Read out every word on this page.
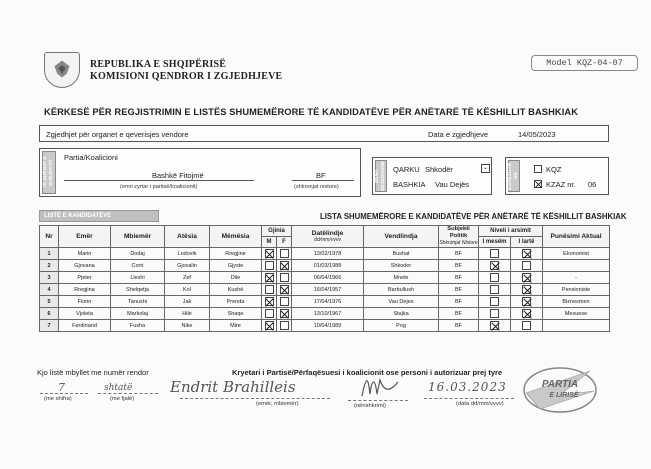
REPUBLIKA E SHQIPËRISË
KOMISIONI QENDROR I ZGJEDHJEVE
Model KQZ-04-07
KËRKESË PËR REGJISTRIMIN E LISTËS SHUMEMËRORE TË KANDIDATËVE PËR ANËTARË TË KËSHILLIT BASHKIAK
Zgjedhjet për organet e qeverisjes vendore	Data e zgjedhjeve	14/05/2023
TË DHËNAT E SUBJEKTIT
Partia/Koalicioni
Bashkë Fitojmë	BF
(emri zyrtar i partisë/koalicionit)	(shkronjat nistore)
ZONA ZGJEDHORE QARKU Shkodër	⌄
BASHKIA Vau Dejës	DORËZUAR NË
KQZ
KZAZ nr. 06
LISTË E KANDIDATËVE	LISTA SHUMEMËRORE E KANDIDATËVE PËR ANËTARË TË KËSHILLIT BASHKIAK
Nr	Emër	Mbiemër	Atësia	Mëmësia	Gjinia		Datëlindje
dd/mm/vvvv	Vendlindja	Subjekti Politik
Shkronjat Nistore	Niveli i arsimit		Punësimi Aktual
					M	F				I mesëm	I lartë	
1	Marin	Dodaj	Lodovik	Rregjine			13/02/1978	Bushat	BF			Ekonomist
2	Gjovana	Corri	Gjovalin	Gjyste			01/03/1988	Shkoder	BF			
3	Pjeter	Lleshi	Zef	Dile			06/04/1966	Mnele	BF			-
4	Rregjina	Shelqetja	Kol	Kushë			16/04/1957	Barbullush	BF			Pensioniste
5	Florin	Tanushi	Jak	Prenda			17/04/1976	Vau Dejes	BF			Biznesmen
6	Vjoleta	Markolaj	Hile	Shaqe			13/10/1967	Stajka	BF			Mesuese
7	Ferdinand	Fusha	Nike	Mire			10/04/1989	Pog	BF			
Kjo listë mbyllet me numër rendor	Kryetari i Partisë/Përfaqësuesi i koalicionit ose personi i autorizuar prej tyre
7
(me shifra)
shtatë
(me fjalë)
Endrit Brahilleis
(emër, mbiemër)	(nënshkrimi)
16.03.2023
(data dd/mm/vvvv)
PARTIA
E LIRISË
